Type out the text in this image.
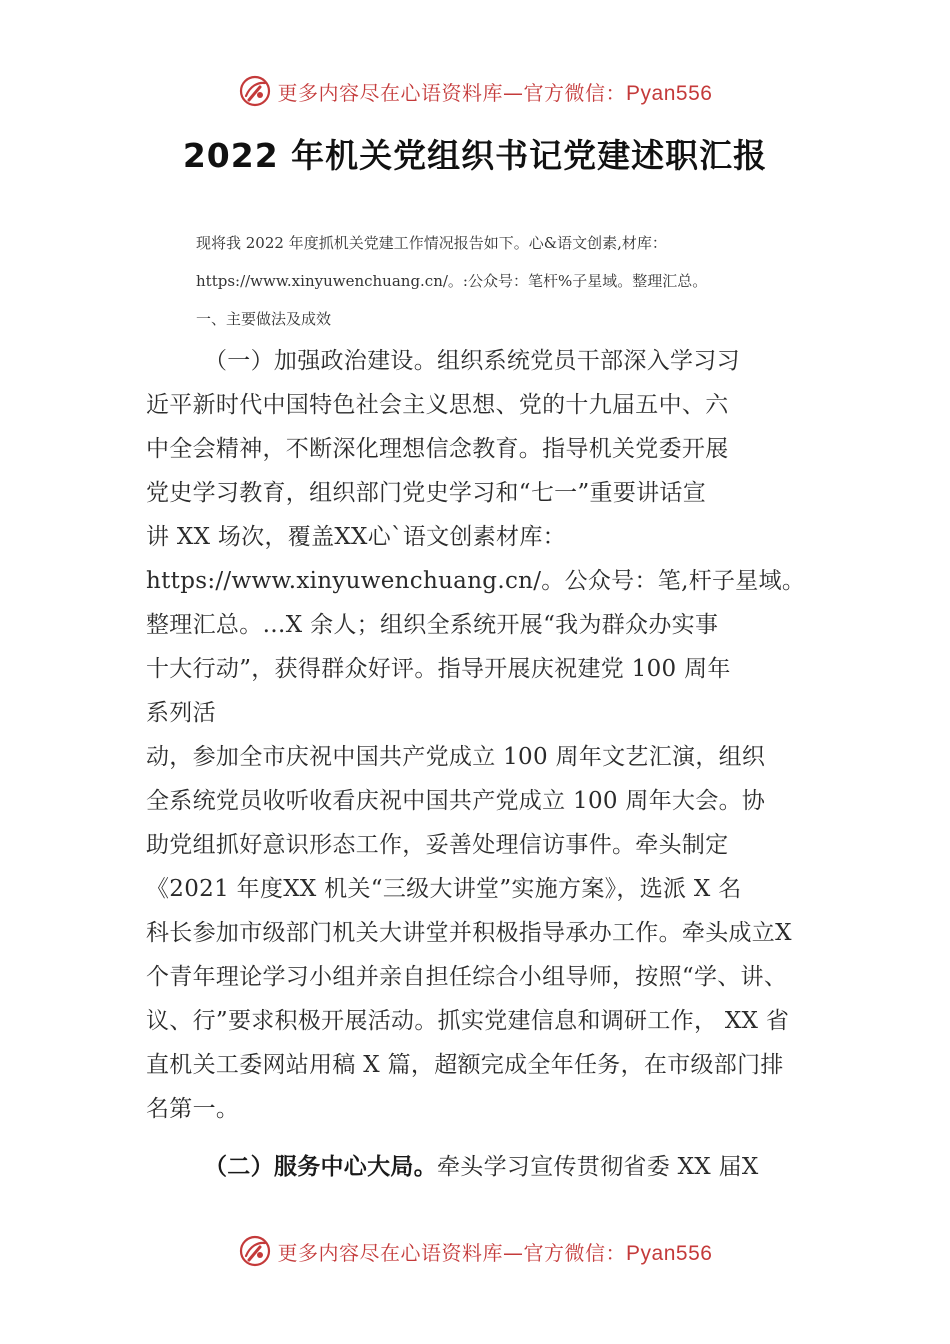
更多内容尽在心语资料库—官方微信：Pyan556
2022 年机关党组织书记党建述职汇报
现将我 2022 年度抓机关党建工作情况报告如下。心&语文创素,材库：
https://www.xinyuwenchuang.cn/。:公众号：笔杆%子星域。整理汇总。
一、主要做法及成效
（一）加强政治建设。组织系统党员干部深入学习习
近平新时代中国特色社会主义思想、党的十九届五中、六
中全会精神，不断深化理想信念教育。指导机关党委开展
党史学习教育，组织部门党史学习和“七一”重要讲话宣
讲 XX 场次，覆盖XX心`语文创素材库：
https://www.xinyuwenchuang.cn/。公众号：笔,杆子星域。
整理汇总。…X 余人；组织全系统开展“我为群众办实事
十大行动”，获得群众好评。指导开展庆祝建党 100 周年
系列活
动，参加全市庆祝中国共产党成立 100 周年文艺汇演，组织
全系统党员收听收看庆祝中国共产党成立 100 周年大会。协
助党组抓好意识形态工作，妥善处理信访事件。牵头制定
《2021 年度XX 机关“三级大讲堂”实施方案》，选派 X 名
科长参加市级部门机关大讲堂并积极指导承办工作。牵头成立X
个青年理论学习小组并亲自担任综合小组导师，按照“学、讲、
议、行”要求积极开展活动。抓实党建信息和调研工作， XX 省
直机关工委网站用稿 X 篇，超额完成全年任务，在市级部门排
名第一。
（二）服务中心大局。牵头学习宣传贯彻省委 XX 届X
更多内容尽在心语资料库—官方微信：Pyan556
